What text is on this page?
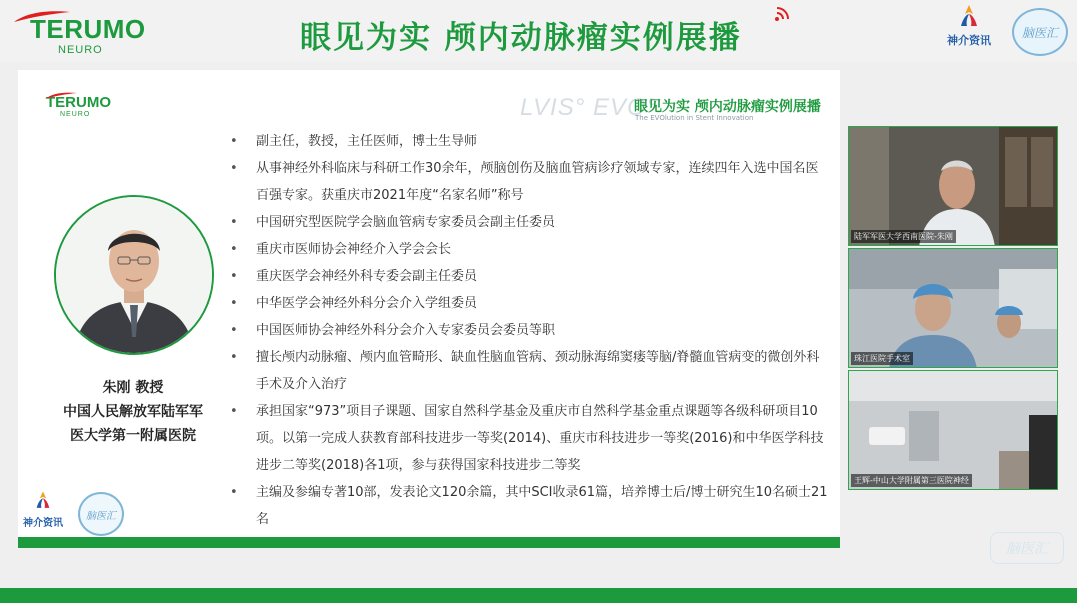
TERUMO
NEURO	眼见为实 颅内动脉瘤实例展播	神介资讯
脑医汇
TERUMO
NEURO	LVIS° EVO°
眼见为实 颅内动脉瘤实例展播
The EVOlution in Stent Innovation
朱刚 教授
中国人民解放军陆军军
医大学第一附属医院
• 副主任，教授，主任医师，博士生导师
• 从事神经外科临床与科研工作30余年，颅脑创伤及脑血管病诊疗领域专家，连续四年入选中国名医百强专家。获重庆市2021年度“名家名师”称号
• 中国研究型医院学会脑血管病专家委员会副主任委员
• 重庆市医师协会神经介入学会会长
• 重庆医学会神经外科专委会副主任委员
• 中华医学会神经外科分会介入学组委员
• 中国医师协会神经外科分会介入专家委员会委员等职
• 擅长颅内动脉瘤、颅内血管畸形、缺血性脑血管病、颈动脉海绵窦瘘等脑/脊髓血管病变的微创外科手术及介入治疗
• 承担国家“973”项目子课题、国家自然科学基金及重庆市自然科学基金重点课题等各级科研项目10项。以第一完成人获教育部科技进步一等奖(2014)、重庆市科技进步一等奖(2016)和中华医学科技进步二等奖(2018)各1项，参与获得国家科技进步二等奖
• 主编及参编专著10部，发表论文120余篇，其中SCI收录61篇，培养博士后/博士研究生10名硕士21名
神介资讯
脑医汇
陆军军医大学西南医院-朱刚
珠江医院手术室
王辉-中山大学附属第三医院神经
脑医汇
